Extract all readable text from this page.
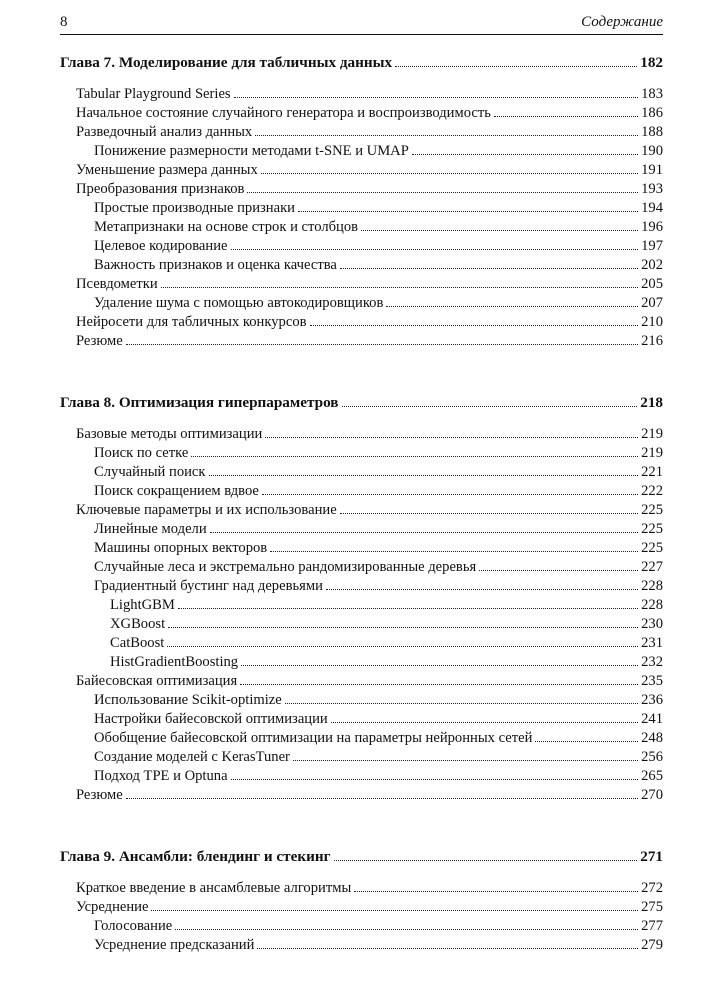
8	Содержание
Глава 7. Моделирование для табличных данных	182
Tabular Playground Series	183
Начальное состояние случайного генератора и воспроизводимость	186
Разведочный анализ данных	188
Понижение размерности методами t-SNE и UMAP	190
Уменьшение размера данных	191
Преобразования признаков	193
Простые производные признаки	194
Метапризнаки на основе строк и столбцов	196
Целевое кодирование	197
Важность признаков и оценка качества	202
Псевдометки	205
Удаление шума с помощью автокодировщиков	207
Нейросети для табличных конкурсов	210
Резюме	216
Глава 8. Оптимизация гиперпараметров	218
Базовые методы оптимизации	219
Поиск по сетке	219
Случайный поиск	221
Поиск сокращением вдвое	222
Ключевые параметры и их использование	225
Линейные модели	225
Машины опорных векторов	225
Случайные леса и экстремально рандомизированные деревья	227
Градиентный бустинг над деревьями	228
LightGBM	228
XGBoost	230
CatBoost	231
HistGradientBoosting	232
Байесовская оптимизация	235
Использование Scikit-optimize	236
Настройки байесовской оптимизации	241
Обобщение байесовской оптимизации на параметры нейронных сетей	248
Создание моделей с KerasTuner	256
Подход TPE и Optuna	265
Резюме	270
Глава 9. Ансамбли: блендинг и стекинг	271
Краткое введение в ансамблевые алгоритмы	272
Усреднение	275
Голосование	277
Усреднение предсказаний	279
